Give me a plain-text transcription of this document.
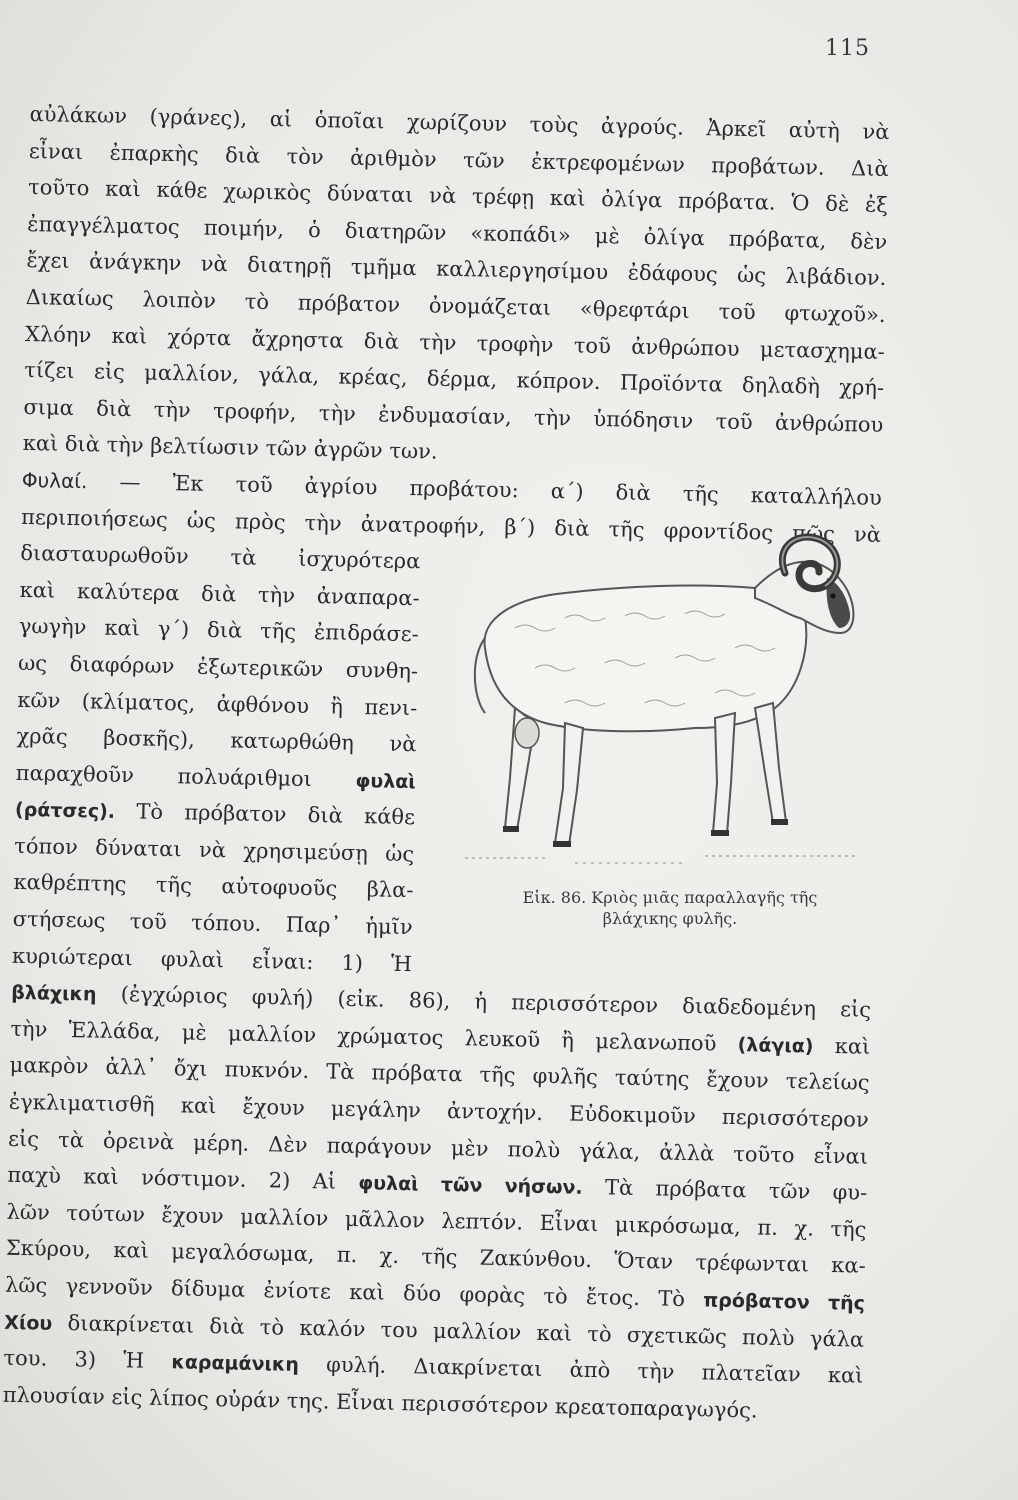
115
αὐλάκων (γράνες), αἱ ὁποῖαι χωρίζουν τοὺς ἀγρούς. Ἀρκεῖ αὐτὴ νὰ
εἶναι ἐπαρκὴς διὰ τὸν ἀριθμὸν τῶν ἐκτρεφομένων προβάτων. Διὰ
τοῦτο καὶ κάθε χωρικὸς δύναται νὰ τρέφῃ καὶ ὀλίγα πρόβατα. Ὁ δὲ ἐξ
ἐπαγγέλματος ποιμήν, ὁ διατηρῶν «κοπάδι» μὲ ὀλίγα πρόβατα, δὲν
ἔχει ἀνάγκην νὰ διατηρῇ τμῆμα καλλιεργησίμου ἐδάφους ὡς λιβάδιον.
Δικαίως λοιπὸν τὸ πρόβατον ὀνομάζεται «θρεφτάρι τοῦ φτωχοῦ».
Χλόην καὶ χόρτα ἄχρηστα διὰ τὴν τροφὴν τοῦ ἀνθρώπου μετασχημα-
τίζει εἰς μαλλίον, γάλα, κρέας, δέρμα, κόπρον. Προϊόντα δηλαδὴ χρή-
σιμα διὰ τὴν τροφήν, τὴν ἐνδυμασίαν, τὴν ὑπόδησιν τοῦ ἀνθρώπου
καὶ διὰ τὴν βελτίωσιν τῶν ἀγρῶν των.
Φυλαί. — Ἐκ τοῦ ἀγρίου προβάτου: α΄) διὰ τῆς καταλλήλου
περιποιήσεως ὡς πρὸς τὴν ἀνατροφήν, β΄) διὰ τῆς φροντίδος πῶς νὰ
διασταυρωθοῦν τὰ ἰσχυρότερα
καὶ καλύτερα διὰ τὴν ἀναπαρα-
γωγὴν καὶ γ΄) διὰ τῆς ἐπιδράσε-
ως διαφόρων ἐξωτερικῶν συνθη-
κῶν (κλίματος, ἀφθόνου ἢ πενι-
χρᾶς βοσκῆς), κατωρθώθη νὰ
παραχθοῦν πολυάριθμοι φυλαὶ
(ράτσες). Τὸ πρόβατον διὰ κάθε
τόπον δύναται νὰ χρησιμεύσῃ ὡς
καθρέπτης τῆς αὐτοφυοῦς βλα-
στήσεως τοῦ τόπου. Παρ᾽ ἡμῖν
κυριώτεραι φυλαὶ εἶναι: 1) Ἡ
βλάχικη (ἐγχώριος φυλή) (εἰκ. 86), ἡ περισσότερον διαδεδομένη εἰς
τὴν Ἑλλάδα, μὲ μαλλίον χρώματος λευκοῦ ἢ μελανωποῦ (λάγια) καὶ
μακρὸν ἀλλ᾽ ὄχι πυκνόν. Τὰ πρόβατα τῆς φυλῆς ταύτης ἔχουν τελείως
ἐγκλιματισθῆ καὶ ἔχουν μεγάλην ἀντοχήν. Εὐδοκιμοῦν περισσότερον
εἰς τὰ ὀρεινὰ μέρη. Δὲν παράγουν μὲν πολὺ γάλα, ἀλλὰ τοῦτο εἶναι
παχὺ καὶ νόστιμον. 2) Αἱ φυλαὶ τῶν νήσων. Τὰ πρόβατα τῶν φυ-
λῶν τούτων ἔχουν μαλλίον μᾶλλον λεπτόν. Εἶναι μικρόσωμα, π. χ. τῆς
Σκύρου, καὶ μεγαλόσωμα, π. χ. τῆς Ζακύνθου. Ὅταν τρέφωνται κα-
λῶς γεννοῦν δίδυμα ἐνίοτε καὶ δύο φορὰς τὸ ἔτος. Τὸ πρόβατον τῆς
Χίου διακρίνεται διὰ τὸ καλόν του μαλλίον καὶ τὸ σχετικῶς πολὺ γάλα
του. 3) Ἡ καραμάνικη φυλή. Διακρίνεται ἀπὸ τὴν πλατεῖαν καὶ
πλουσίαν εἰς λίπος οὐράν της. Εἶναι περισσότερον κρεατοπαραγωγός.
Εἰκ. 86. Κριὸς μιᾶς παραλλαγῆς τῆς
βλάχικης φυλῆς.
